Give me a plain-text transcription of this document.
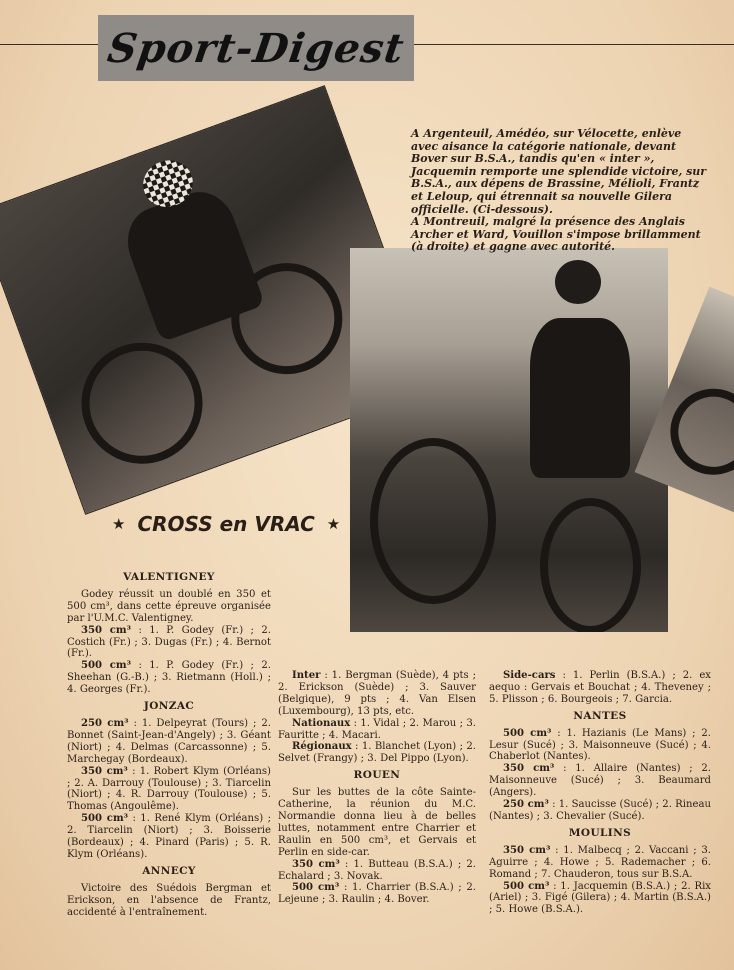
Sport-Digest

A Argenteuil, Amédéo, sur Vélocette, enlève avec aisance la catégorie nationale, devant Bover sur B.S.A., tandis qu'en « inter », Jacquemin remporte une splendide victoire, sur B.S.A., aux dépens de Brassine, Mélioli, Frantz et Leloup, qui étrennait sa nouvelle Gilera officielle. (Ci-dessous).

A Montreuil, malgré la présence des Anglais Archer et Ward, Vouillon s'impose brillamment (à droite) et gagne avec autorité.

★ CROSS en VRAC ★
VALENTIGNEY

Godey réussit un doublé en 350 et 500 cm³, dans cette épreuve organisée par l'U.M.C. Valentigney.

350 cm³ : 1. P. Godey (Fr.) ; 2. Costich (Fr.) ; 3. Dugas (Fr.) ; 4. Bernot (Fr.).

500 cm³ : 1. P. Godey (Fr.) ; 2. Sheehan (G.-B.) ; 3. Rietmann (Holl.) ; 4. Georges (Fr.).

JONZAC

250 cm³ : 1. Delpeyrat (Tours) ; 2. Bonnet (Saint-Jean-d'Angely) ; 3. Géant (Niort) ; 4. Delmas (Carcassonne) ; 5. Marchegay (Bordeaux).

350 cm³ : 1. Robert Klym (Orléans) ; 2. A. Darrouy (Toulouse) ; 3. Tiarcelin (Niort) ; 4. R. Darrouy (Toulouse) ; 5. Thomas (Angoulême).

500 cm³ : 1. René Klym (Orléans) ; 2. Tiarcelin (Niort) ; 3. Boisserie (Bordeaux) ; 4. Pinard (Paris) ; 5. R. Klym (Orléans).

ANNECY

Victoire des Suédois Bergman et Erickson, en l'absence de Frantz, accidenté à l'entraînement.

Inter : 1. Bergman (Suède), 4 pts ; 2. Erickson (Suède) ; 3. Sauver (Belgique), 9 pts ; 4. Van Elsen (Luxembourg), 13 pts, etc.

Nationaux : 1. Vidal ; 2. Marou ; 3. Fauritte ; 4. Macari.

Régionaux : 1. Blanchet (Lyon) ; 2. Selvet (Frangy) ; 3. Del Pippo (Lyon).

ROUEN

Sur les buttes de la côte Sainte-Catherine, la réunion du M.C. Normandie donna lieu à de belles luttes, notamment entre Charrier et Raulin en 500 cm³, et Gervais et Perlin en side-car.

350 cm³ : 1. Butteau (B.S.A.) ; 2. Echalard ; 3. Novak.

500 cm³ : 1. Charrier (B.S.A.) ; 2. Lejeune ; 3. Raulin ; 4. Bover.

Side-cars : 1. Perlin (B.S.A.) ; 2. ex aequo : Gervais et Bouchat ; 4. Theveney ; 5. Plisson ; 6. Bourgeois ; 7. Garcia.

NANTES

500 cm³ : 1. Hazianis (Le Mans) ; 2. Lesur (Sucé) ; 3. Maisonneuve (Sucé) ; 4. Chaberlot (Nantes).

350 cm³ : 1. Allaire (Nantes) ; 2. Maisonneuve (Sucé) ; 3. Beaumard (Angers).

250 cm³ : 1. Saucisse (Sucé) ; 2. Rineau (Nantes) ; 3. Chevalier (Sucé).

MOULINS

350 cm³ : 1. Malbecq ; 2. Vaccani ; 3. Aguirre ; 4. Howe ; 5. Rademacher ; 6. Romand ; 7. Chauderon, tous sur B.S.A.

500 cm³ : 1. Jacquemin (B.S.A.) ; 2. Rix (Ariel) ; 3. Figé (Gilera) ; 4. Martin (B.S.A.) ; 5. Howe (B.S.A.).
